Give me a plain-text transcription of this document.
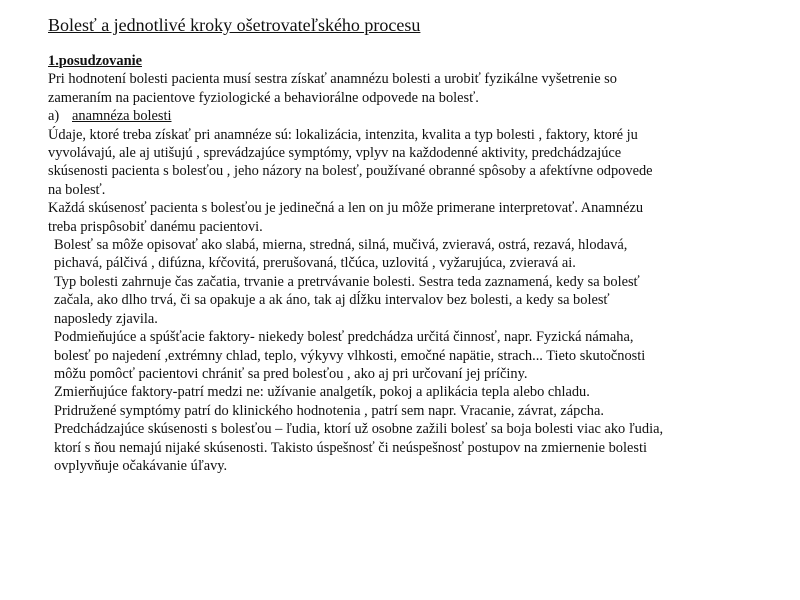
Bolesť a jednotlivé kroky ošetrovateľského procesu

1.posudzovanie

Pri hodnotení bolesti pacienta musí sestra získať anamnézu bolesti a urobiť fyzikálne vyšetrenie so zameraním na pacientove fyziologické a behaviorálne odpovede na bolesť.

a) anamnéza bolesti

Údaje, ktoré treba získať pri anamnéze sú: lokalizácia, intenzita, kvalita a typ bolesti , faktory, ktoré ju vyvolávajú, ale aj utišujú , sprevádzajúce symptómy, vplyv na každodenné aktivity, predchádzajúce skúsenosti pacienta s bolesťou , jeho názory na bolesť, používané obranné spôsoby a afektívne odpovede na bolesť.

Každá skúsenosť pacienta s bolesťou je jedinečná a len on ju môže primerane interpretovať. Anamnézu treba prispôsobiť danému pacientovi.

Bolesť sa môže opisovať ako slabá, mierna, stredná, silná, mučivá, zvieravá, ostrá, rezavá, hlodavá, pichavá, pálčivá , difúzna, kŕčovitá, prerušovaná, tlčúca, uzlovitá , vyžarujúca, zvieravá ai.

Typ bolesti zahrnuje čas začatia, trvanie a pretrvávanie bolesti. Sestra teda zaznamená, kedy sa bolesť začala, ako dlho trvá, či sa opakuje a ak áno, tak aj dĺžku intervalov bez bolesti, a kedy sa bolesť naposledy zjavila.

Podmieňujúce a spúšťacie faktory- niekedy bolesť predchádza určitá činnosť, napr. Fyzická námaha, bolesť po najedení ,extrémny chlad, teplo, výkyvy vlhkosti, emočné napätie, strach... Tieto skutočnosti môžu pomôcť pacientovi chrániť sa pred bolesťou , ako aj pri určovaní jej príčiny.

Zmierňujúce faktory-patrí medzi ne: užívanie analgetík, pokoj a aplikácia tepla alebo chladu.

Pridružené symptómy patrí do klinického hodnotenia , patrí sem napr. Vracanie, závrat, zápcha.

Predchádzajúce skúsenosti s bolesťou – ľudia, ktorí už osobne zažili bolesť sa boja bolesti viac ako ľudia, ktorí s ňou nemajú nijaké skúsenosti. Takisto úspešnosť či neúspešnosť postupov na zmiernenie bolesti ovplyvňuje očakávanie úľavy.
